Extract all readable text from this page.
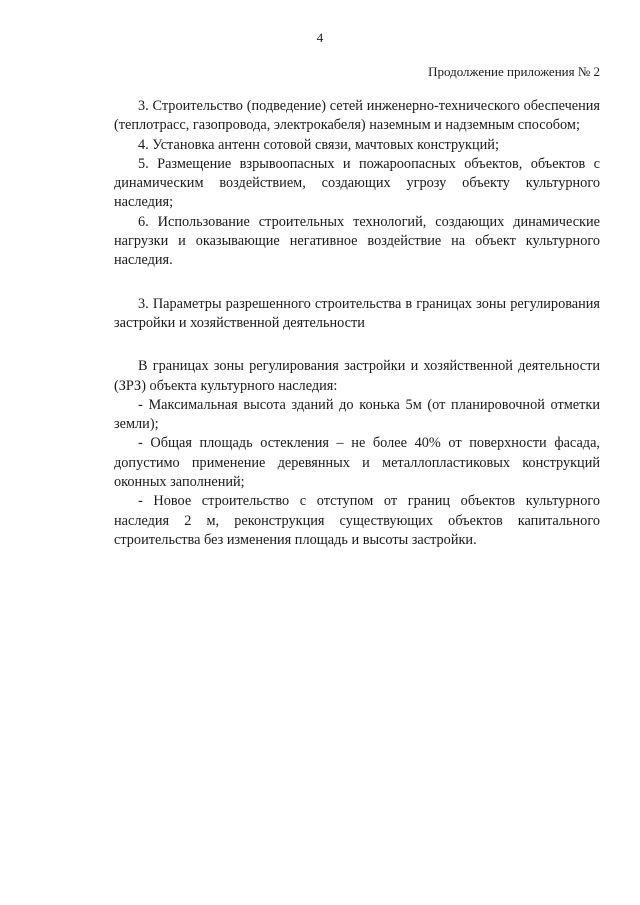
4
Продолжение приложения № 2

3. Строительство (подведение) сетей инженерно-технического обеспечения (теплотрасс, газопровода, электрокабеля) наземным и надземным способом;

4. Установка антенн сотовой связи, мачтовых конструкций;

5. Размещение взрывоопасных и пожароопасных объектов, объектов с динамическим воздействием, создающих угрозу объекту культурного наследия;

6. Использование строительных технологий, создающих динамические нагрузки и оказывающие негативное воздействие на объект культурного наследия.

3. Параметры разрешенного строительства в границах зоны регулирования застройки и хозяйственной деятельности

В границах зоны регулирования застройки и хозяйственной деятельности (ЗРЗ) объекта культурного наследия:

- Максимальная высота зданий до конька 5м (от планировочной отметки земли);

- Общая площадь остекления – не более 40% от поверхности фасада, допустимо применение деревянных и металлопластиковых конструкций оконных заполнений;

- Новое строительство с отступом от границ объектов культурного наследия 2 м, реконструкция существующих объектов капитального строительства без изменения площадь и высоты застройки.
